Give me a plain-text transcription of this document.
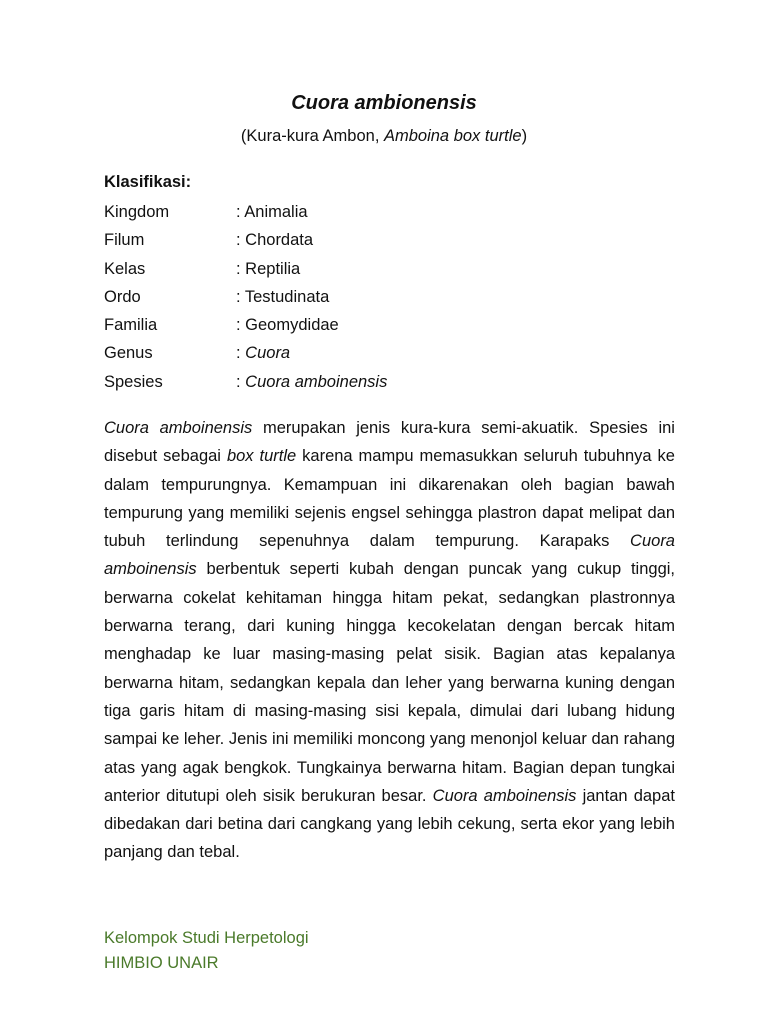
Cuora ambionensis
(Kura-kura Ambon, Amboina box turtle)
Klasifikasi:
Kingdom	: Animalia
Filum	: Chordata
Kelas	: Reptilia
Ordo	: Testudinata
Familia	: Geomydidae
Genus	: Cuora
Spesies	: Cuora amboinensis
Cuora amboinensis merupakan jenis kura-kura semi-akuatik. Spesies ini disebut sebagai box turtle karena mampu memasukkan seluruh tubuhnya ke dalam tempurungnya. Kemampuan ini dikarenakan oleh bagian bawah tempurung yang memiliki sejenis engsel sehingga plastron dapat melipat dan tubuh terlindung sepenuhnya dalam tempurung. Karapaks Cuora amboinensis berbentuk seperti kubah dengan puncak yang cukup tinggi, berwarna cokelat kehitaman hingga hitam pekat, sedangkan plastronnya berwarna terang, dari kuning hingga kecokelatan dengan bercak hitam menghadap ke luar masing-masing pelat sisik. Bagian atas kepalanya berwarna hitam, sedangkan kepala dan leher yang berwarna kuning dengan tiga garis hitam di masing-masing sisi kepala, dimulai dari lubang hidung sampai ke leher. Jenis ini memiliki moncong yang menonjol keluar dan rahang atas yang agak bengkok. Tungkainya berwarna hitam. Bagian depan tungkai anterior ditutupi oleh sisik berukuran besar. Cuora amboinensis jantan dapat dibedakan dari betina dari cangkang yang lebih cekung, serta ekor yang lebih panjang dan tebal.
Kelompok Studi Herpetologi
HIMBIO UNAIR
